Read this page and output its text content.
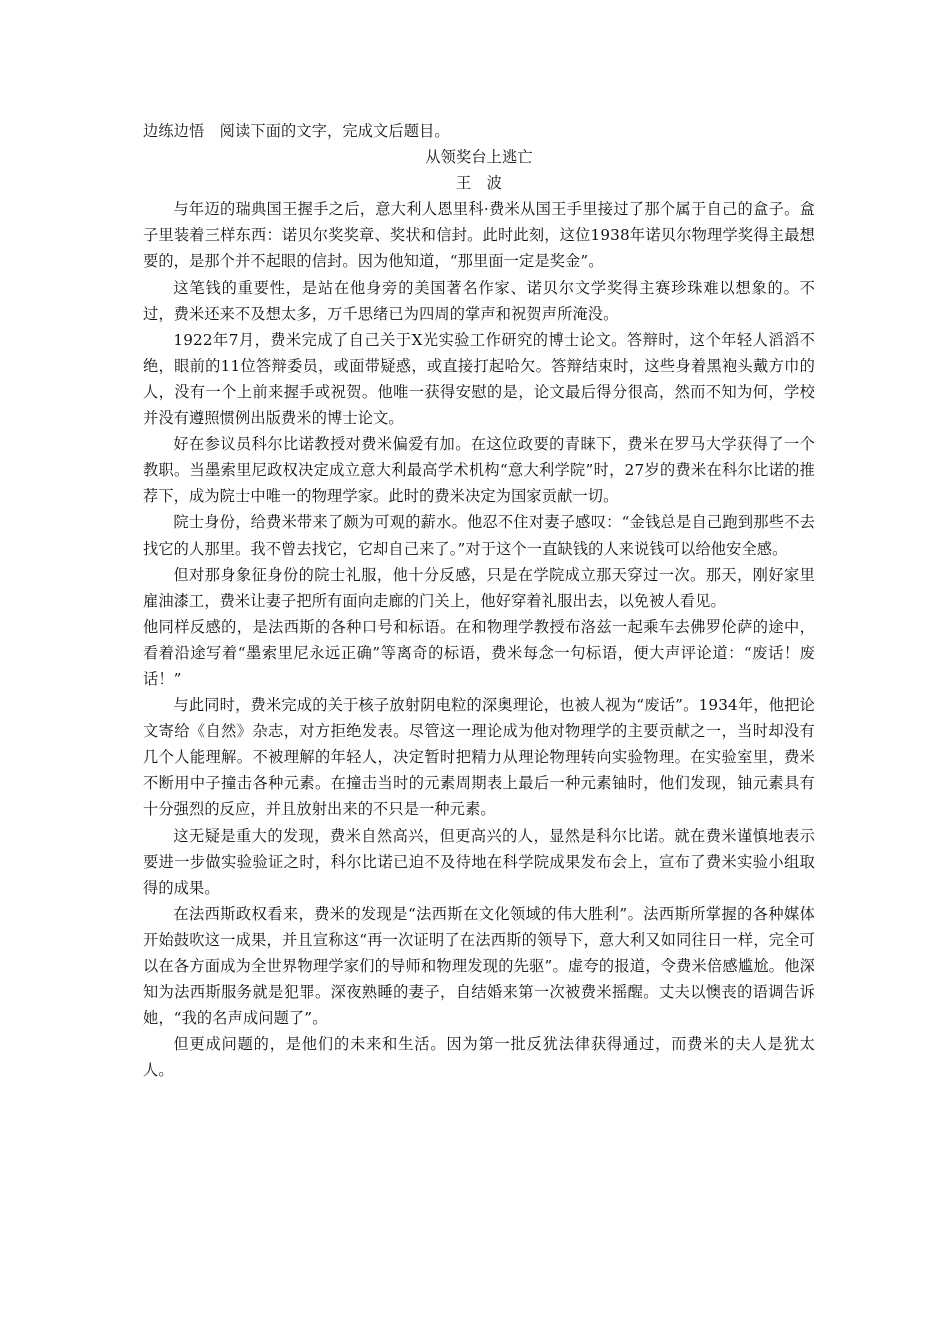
边练边悟　阅读下面的文字，完成文后题目。

从领奖台上逃亡

王　波

与年迈的瑞典国王握手之后，意大利人恩里科·费米从国王手里接过了那个属于自己的盒子。盒子里装着三样东西：诺贝尔奖奖章、奖状和信封。此时此刻，这位1938年诺贝尔物理学奖得主最想要的，是那个并不起眼的信封。因为他知道，“那里面一定是奖金”。

这笔钱的重要性，是站在他身旁的美国著名作家、诺贝尔文学奖得主赛珍珠难以想象的。不过，费米还来不及想太多，万千思绪已为四周的掌声和祝贺声所淹没。

1922年7月，费米完成了自己关于X光实验工作研究的博士论文。答辩时，这个年轻人滔滔不绝，眼前的11位答辩委员，或面带疑惑，或直接打起哈欠。答辩结束时，这些身着黑袍头戴方巾的人，没有一个上前来握手或祝贺。他唯一获得安慰的是，论文最后得分很高，然而不知为何，学校并没有遵照惯例出版费米的博士论文。

好在参议员科尔比诺教授对费米偏爱有加。在这位政要的青睐下，费米在罗马大学获得了一个教职。当墨索里尼政权决定成立意大利最高学术机构“意大利学院”时，27岁的费米在科尔比诺的推荐下，成为院士中唯一的物理学家。此时的费米决定为国家贡献一切。

院士身份，给费米带来了颇为可观的薪水。他忍不住对妻子感叹：“金钱总是自己跑到那些不去找它的人那里。我不曾去找它，它却自己来了。”对于这个一直缺钱的人来说钱可以给他安全感。

但对那身象征身份的院士礼服，他十分反感，只是在学院成立那天穿过一次。那天，刚好家里雇油漆工，费米让妻子把所有面向走廊的门关上，他好穿着礼服出去，以免被人看见。

他同样反感的，是法西斯的各种口号和标语。在和物理学教授布洛兹一起乘车去佛罗伦萨的途中，看着沿途写着“墨索里尼永远正确”等离奇的标语，费米每念一句标语，便大声评论道：“废话！废话！”

与此同时，费米完成的关于核子放射阴电粒的深奥理论，也被人视为“废话”。1934年，他把论文寄给《自然》杂志，对方拒绝发表。尽管这一理论成为他对物理学的主要贡献之一，当时却没有几个人能理解。不被理解的年轻人，决定暂时把精力从理论物理转向实验物理。在实验室里，费米不断用中子撞击各种元素。在撞击当时的元素周期表上最后一种元素铀时，他们发现，铀元素具有十分强烈的反应，并且放射出来的不只是一种元素。

这无疑是重大的发现，费米自然高兴，但更高兴的人，显然是科尔比诺。就在费米谨慎地表示要进一步做实验验证之时，科尔比诺已迫不及待地在科学院成果发布会上，宣布了费米实验小组取得的成果。

在法西斯政权看来，费米的发现是“法西斯在文化领域的伟大胜利”。法西斯所掌握的各种媒体开始鼓吹这一成果，并且宣称这“再一次证明了在法西斯的领导下，意大利又如同往日一样，完全可以在各方面成为全世界物理学家们的导师和物理发现的先驱”。虚夸的报道，令费米倍感尴尬。他深知为法西斯服务就是犯罪。深夜熟睡的妻子，自结婚来第一次被费米摇醒。丈夫以懊丧的语调告诉她，“我的名声成问题了”。

但更成问题的，是他们的未来和生活。因为第一批反犹法律获得通过，而费米的夫人是犹太人。
